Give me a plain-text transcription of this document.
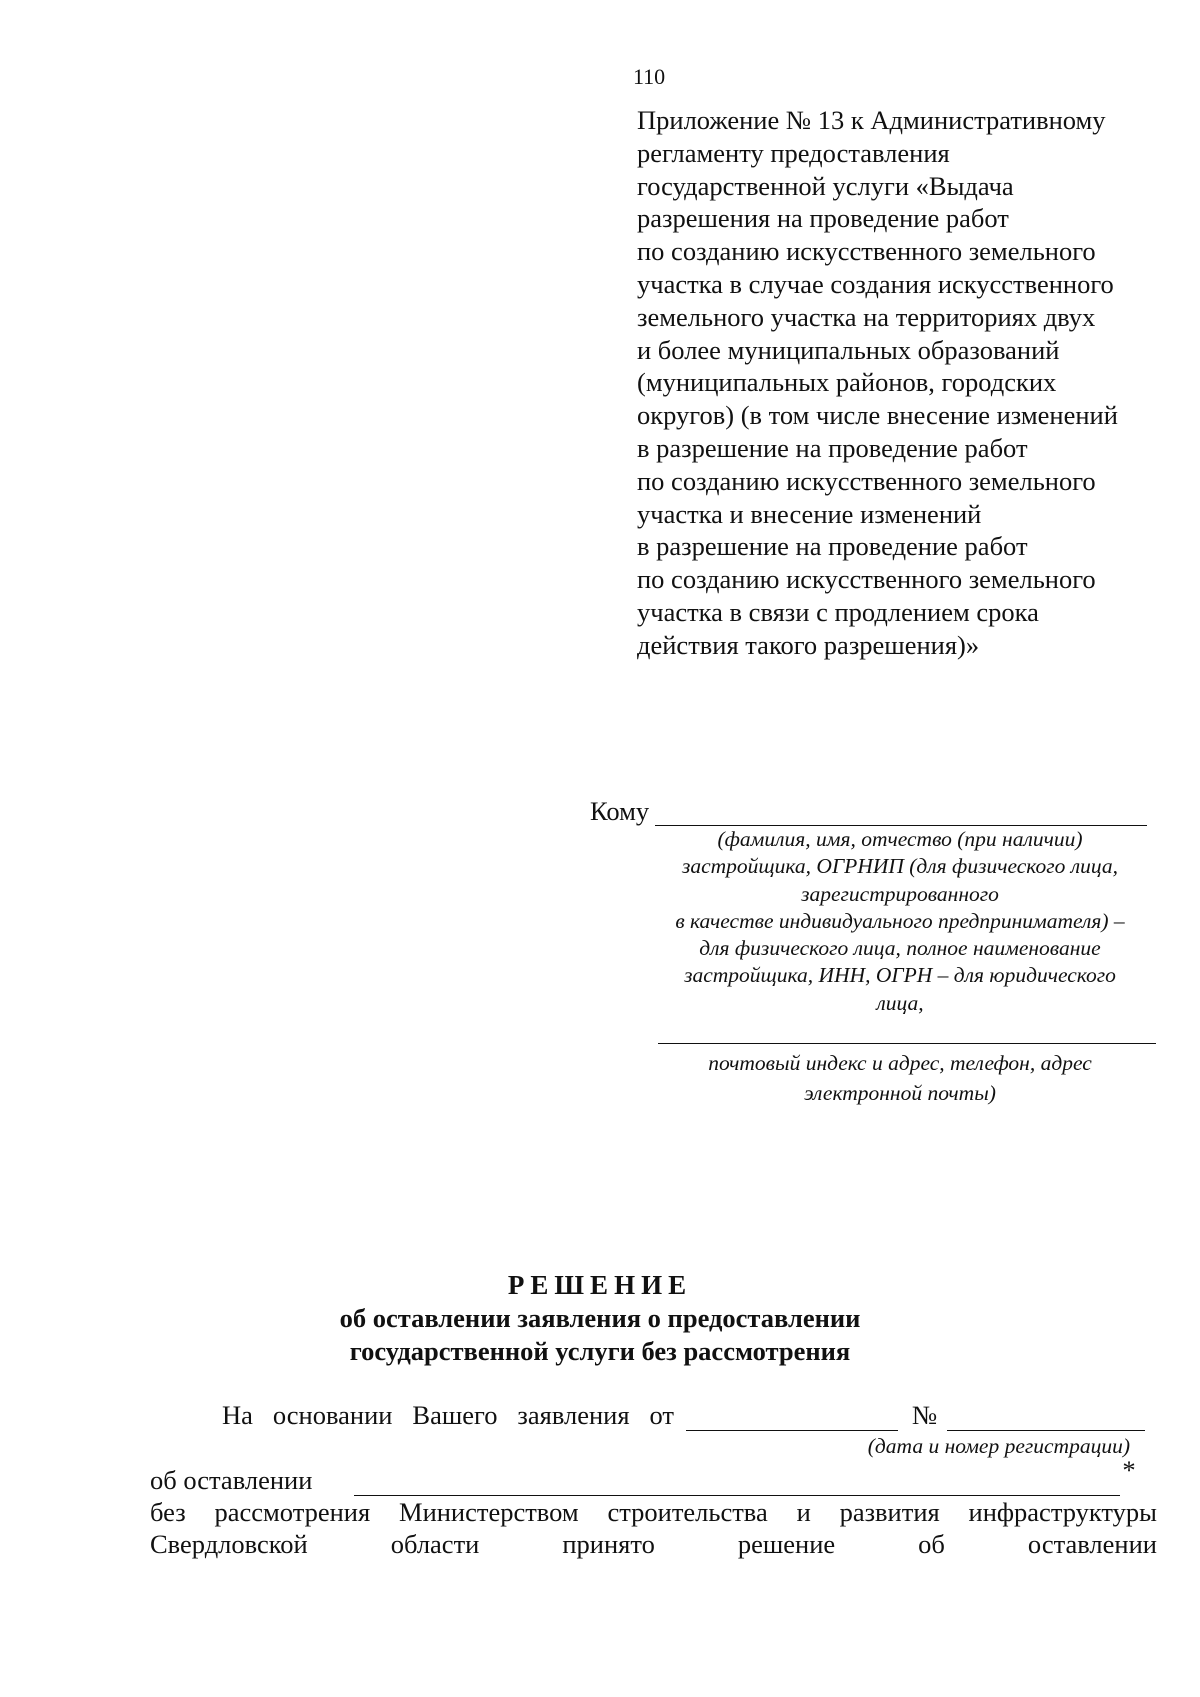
110
Приложение № 13 к Административному
регламенту предоставления
государственной услуги «Выдача
разрешения на проведение работ
по созданию искусственного земельного
участка в случае создания искусственного
земельного участка на территориях двух
и более муниципальных образований
(муниципальных районов, городских
округов) (в том числе внесение изменений
в разрешение на проведение работ
по созданию искусственного земельного
участка и внесение изменений
в разрешение на проведение работ
по созданию искусственного земельного
участка в связи с продлением срока
действия такого разрешения)»
Кому
(фамилия, имя, отчество (при наличии)
застройщика, ОГРНИП (для физического лица,
зарегистрированного
в качестве индивидуального предпринимателя) –
для физического лица, полное наименование
застройщика, ИНН, ОГРН – для юридического
лица,
почтовый индекс и адрес, телефон, адрес
электронной почты)
РЕШЕНИЕ
об оставлении заявления о предоставлении
государственной услуги без рассмотрения
На основании Вашего заявления от	№
(дата и номер регистрации)
об оставлении	*
без рассмотрения Министерством строительства и развития инфраструктуры
Свердловской	области	принято	решение	об	оставлении
